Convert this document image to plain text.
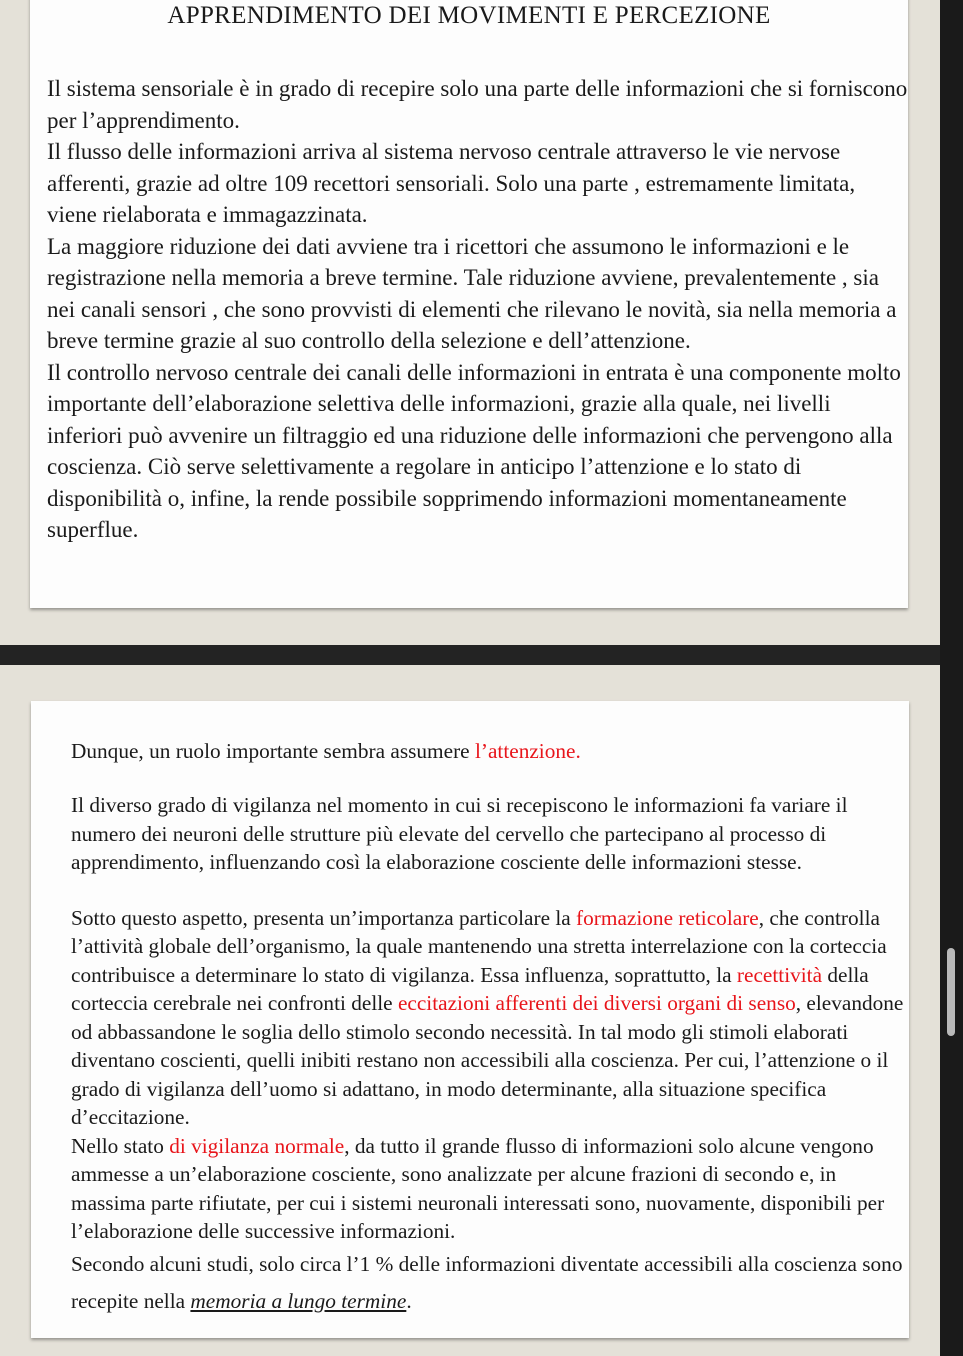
APPRENDIMENTO DEI MOVIMENTI E PERCEZIONE

Il sistema sensoriale è in grado di recepire solo una parte delle informazioni che si forniscono per l’apprendimento.

Il flusso delle informazioni arriva al sistema nervoso centrale attraverso le vie nervose afferenti, grazie ad oltre 109 recettori sensoriali. Solo una parte , estremamente limitata, viene rielaborata e immagazzinata.

La maggiore riduzione dei dati avviene tra i ricettori che assumono le informazioni e le registrazione nella memoria a breve termine. Tale riduzione avviene, prevalentemente , sia nei canali sensori , che sono provvisti di elementi che rilevano le novità, sia nella memoria a breve termine grazie al suo controllo della selezione e dell’attenzione.

Il controllo nervoso centrale dei canali delle informazioni in entrata è una componente molto importante dell’elaborazione selettiva delle informazioni, grazie alla quale, nei livelli inferiori può avvenire un filtraggio ed una riduzione delle informazioni che pervengono alla coscienza. Ciò serve selettivamente a regolare in anticipo l’attenzione e lo stato di disponibilità o, infine, la rende possibile sopprimendo informazioni momentaneamente superflue.

Dunque, un ruolo importante sembra assumere l’attenzione.

Il diverso grado di vigilanza nel momento in cui si recepiscono le informazioni fa variare il numero dei neuroni delle strutture più elevate del cervello che partecipano al processo di apprendimento, influenzando così la elaborazione cosciente delle informazioni stesse.

Sotto questo aspetto, presenta un’importanza particolare la formazione reticolare, che controlla l’attività globale dell’organismo, la quale mantenendo una stretta interrelazione con la corteccia contribuisce a determinare lo stato di vigilanza. Essa influenza, soprattutto, la recettività della corteccia cerebrale nei confronti delle eccitazioni afferenti dei diversi organi di senso, elevandone od abbassandone le soglia dello stimolo secondo necessità. In tal modo gli stimoli elaborati diventano coscienti, quelli inibiti restano non accessibili alla coscienza. Per cui, l’attenzione o il grado di vigilanza dell’uomo si adattano, in modo determinante, alla situazione specifica d’eccitazione.

Nello stato di vigilanza normale, da tutto il grande flusso di informazioni solo alcune vengono ammesse a un’elaborazione cosciente, sono analizzate per alcune frazioni di secondo e, in massima parte rifiutate, per cui i sistemi neuronali interessati sono, nuovamente, disponibili per l’elaborazione delle successive informazioni.

Secondo alcuni studi, solo circa l’1 % delle informazioni diventate accessibili alla coscienza sono recepite nella memoria a lungo termine.
